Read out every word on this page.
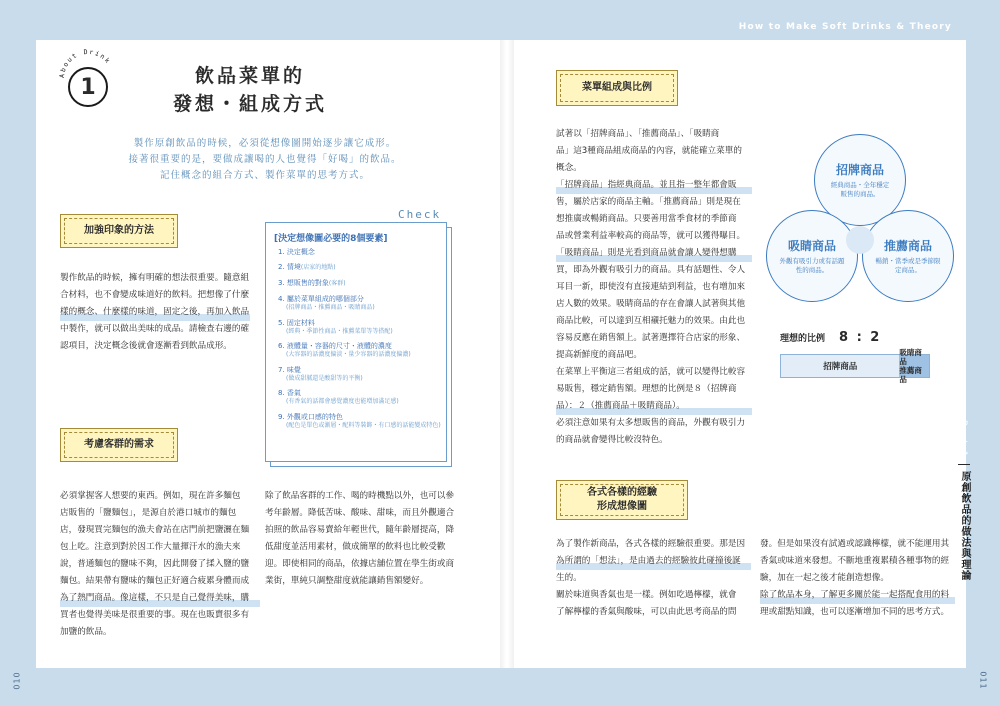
How to Make Soft Drinks & Theory
010	011
About Drink
1	飲品菜單的
發想・組成方式
製作原創飲品的時候，必須從想像圖開始逐步讓它成形。
接著很重要的是，要做成讓喝的人也覺得「好喝」的飲品。
記住概念的組合方式、製作菜單的思考方式。
加強印象的方法
製作飲品的時候，擁有明確的想法很重要。隨意組
合材料，也不會變成味道好的飲料。把想像了什麼
樣的概念、什麼樣的味道，固定之後，再加入飲品
中製作，就可以做出美味的成品。請檢查右邊的確
認項目，決定概念後就會逐漸看到飲品成形。
Check
[決定想像圖必要的8個要素]
1. 決定概念
2. 情境(店家的地點)
3. 想販售的對象(客群)
4. 屬於菜單組成的哪個部分
(招牌商品・推薦商品・吸睛商品)
5. 固定材料
(經典・季節性商品・推薦菜單等等搭配)
6. 液體量・容器的尺寸・液體的濃度
(大容器的話濃度偏淡・量少容器的話濃度偏濃)
7. 味覺
(做成甜膩還是酸甜等的平衡)
8. 香氣
(有香氣的話都會感覺濃度也能增加滿足感)
9. 外觀或口感的特色
(配色是單色或漸層・配料等裝飾・有口感的話能變成特色)
考慮客群的需求
必須掌握客人想要的東西。例如，現在許多麵包
店販售的「鹽麵包」，是源自於港口城市的麵包
店，發現買完麵包的漁夫會站在店門前把鹽灑在麵
包上吃。注意到對於因工作大量揮汗水的漁夫來
說，普通麵包的鹽味不夠，因此開發了揉入鹽的鹽
麵包。結果帶有鹽味的麵包正好適合疲累身體而成
為了熱門商品。像這樣，不只是自己覺得美味，購
買者也覺得美味是很重要的事。現在也販賣很多有
加鹽的飲品。
除了飲品客群的工作、喝的時機點以外，也可以參
考年齡層。降低苦味、酸味、甜味，而且外觀適合
拍照的飲品容易賣給年輕世代，隨年齡層提高，降
低甜度並活用素材，做成簡單的飲料也比較受歡
迎。即使相同的商品，依據店舖位置在學生街或商
業街，單純只調整甜度就能讓銷售額變好。
菜單組成與比例
試著以「招牌商品」、「推薦商品」、「吸睛商
品」這3種商品組成商品的內容，就能確立菜單的
概念。
「招牌商品」指經典商品。並且指一整年都會販
售，屬於店家的商品主軸。「推薦商品」則是現在
想推廣或暢銷商品。只要善用當季食材的季節商
品或營業利益率較高的商品等，就可以獲得曝目。
「吸睛商品」則是光看到商品就會讓人變得想購
買，即為外觀有吸引力的商品。具有話題性、令人
耳目一新，即使沒有直接連結到利益，也有增加來
店人數的效果。吸睛商品的存在會讓人試著與其他
商品比較，可以達到互相襯托魅力的效果。由此也
容易反應在銷售額上。試著選擇符合店家的形象、
提高新鮮度的商品吧。
在菜單上平衡這三者組成的話，就可以變得比較容
易販售，穩定銷售額。理想的比例是８（招牌商
品）：２（推薦商品＋吸睛商品）。
必須注意如果有太多想販售的商品，外觀有吸引力
的商品就會變得比較沒特色。
招牌商品
經典商品・全年穩定販售的商品。
吸睛商品
外觀有吸引力或有話題性的商品。
推薦商品
暢銷・當季或是季節限定商品。
理想的比例 8 : 2
招牌商品
吸睛商品
推薦商品
各式各樣的經驗
形成想像圖
為了製作新商品，各式各樣的經驗很重要。那是因
為所謂的「想法」，是由過去的經驗彼此碰撞後誕
生的。
關於味道與香氣也是一樣。例如吃過檸檬，就會
了解檸檬的香氣與酸味，可以由此思考商品的問
發。但是如果沒有試過或認識檸檬，就不能運用其
香氣或味道來發想。不斷地重複累積各種事物的經
驗，加在一起之後才能創造想像。
除了飲品本身，了解更多關於能一起搭配食用的料
理或甜點知識，也可以逐漸增加不同的思考方式。
Part 1
原創飲品的做法與理論
